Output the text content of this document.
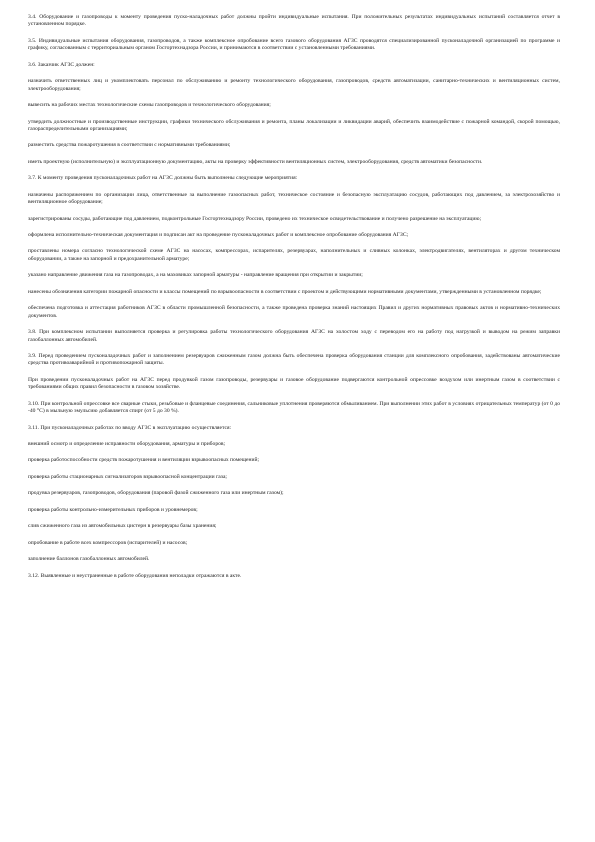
3.4. Оборудование и газопроводы к моменту проведения пуско-наладочных работ должны пройти индивидуальные испытания. При положительных результатах индивидуальных испытаний составляется отчет в установленном порядке.

3.5. Индивидуальные испытания оборудования, газопроводов, а также комплексное опробование всего газового оборудования АГЗС проводятся специализированной пусконаладочной организацией по программе и графику, согласованным с территориальным органом Госгортехнадзора России, и принимаются в соответствии с установленными требованиями.

3.6. Заказчик АГЗС должен:

назначить ответственных лиц и укомплектовать персонал по обслуживанию и ремонту технологического оборудования, газопроводов, средств автоматизации, санитарно-технических и вентиляционных систем, электрооборудования;

вывесить на рабочих местах технологические схемы газопроводов и технологического оборудования;

утвердить должностные и производственные инструкции, графики технического обслуживания и ремонта, планы локализации и ликвидации аварий, обеспечить взаимодействие с пожарной командой, скорой помощью, газораспределительными организациями;

разместить средства пожаротушения в соответствии с нормативными требованиями;

иметь проектную (исполнительную) и эксплуатационную документацию, акты на проверку эффективности вентиляционных систем, электрооборудования, средств автоматики безопасности.

3.7. К моменту проведения пусконаладочных работ на АГЗС должны быть выполнены следующие мероприятия:

назначены распоряжением по организации лица, ответственные за выполнение газоопасных работ, техническое состояние и безопасную эксплуатацию сосудов, работающих под давлением, за электрохозяйство и вентиляционное оборудование;

зарегистрированы сосуды, работающие под давлением, подконтрольные Госгортехнадзору России, проведено их техническое освидетельствование и получено разрешение на эксплуатацию;

оформлена исполнительно-техническая документация и подписан акт на проведение пусконаладочных работ и комплексное опробование оборудования АГЗС;

проставлены номера согласно технологической схеме АГЗС на насосах, компрессорах, испарителях, резервуарах, наполнительных и сливных колонках, электродвигателях, вентиляторах и другом техническом оборудовании, а также на запорной и предохранительной арматуре;

указано направление движения газа на газопроводах, а на маховиках запорной арматуры - направление вращения при открытии и закрытии;

нанесены обозначения категории пожарной опасности и классы помещений по взрывоопасности в соответствии с проектом и действующими нормативными документами, утвержденными в установленном порядке;

обеспечена подготовка и аттестация работников АГЗС в области промышленной безопасности, а также проведена проверка знаний настоящих Правил и других нормативных правовых актов и нормативно-технических документов.

3.8. При комплексном испытании выполняется проверка и регулировка работы технологического оборудования АГЗС на холостом ходу с переводом его на работу под нагрузкой и выводом на режим заправки газобаллонных автомобилей.

3.9. Перед проведением пусконаладочных работ и заполнением резервуаров сжиженным газом должна быть обеспечена проверка оборудования станции для комплексного опробования, задействованы автоматические средства противоаварийной и противопожарной защиты.

При проведении пусконаладочных работ на АГЗС перед продувкой газом газопроводы, резервуары и газовое оборудование подвергаются контрольной опрессовке воздухом или инертным газом в соответствии с требованиями общих правил безопасности в газовом хозяйстве.

3.10. При контрольной опрессовке все сварные стыки, резьбовые и фланцевые соединения, сальниковые уплотнения проверяются обмыливанием. При выполнении этих работ в условиях отрицательных температур (от 0 до -40 °С) в мыльную эмульсию добавляется спирт (от 5 до 30 %).

3.11. При пусконаладочных работах по вводу АГЗС в эксплуатацию осуществляется:

внешний осмотр и определение исправности оборудования, арматуры и приборов;

проверка работоспособности средств пожаротушения и вентиляции взрывоопасных помещений;

проверка работы стационарных сигнализаторов взрывоопасной концентрации газа;

продувка резервуаров, газопроводов, оборудования (паровой фазой сжиженного газа или инертным газом);

проверка работы контрольно-измерительных приборов и уровнемеров;

слив сжиженного газа из автомобильных цистерн в резервуары базы хранения;

опробование в работе всех компрессоров (испарителей) и насосов;

заполнение баллонов газобаллонных автомобилей.

3.12. Выявленные и неустраненные в работе оборудования неполадки отражаются в акте.
